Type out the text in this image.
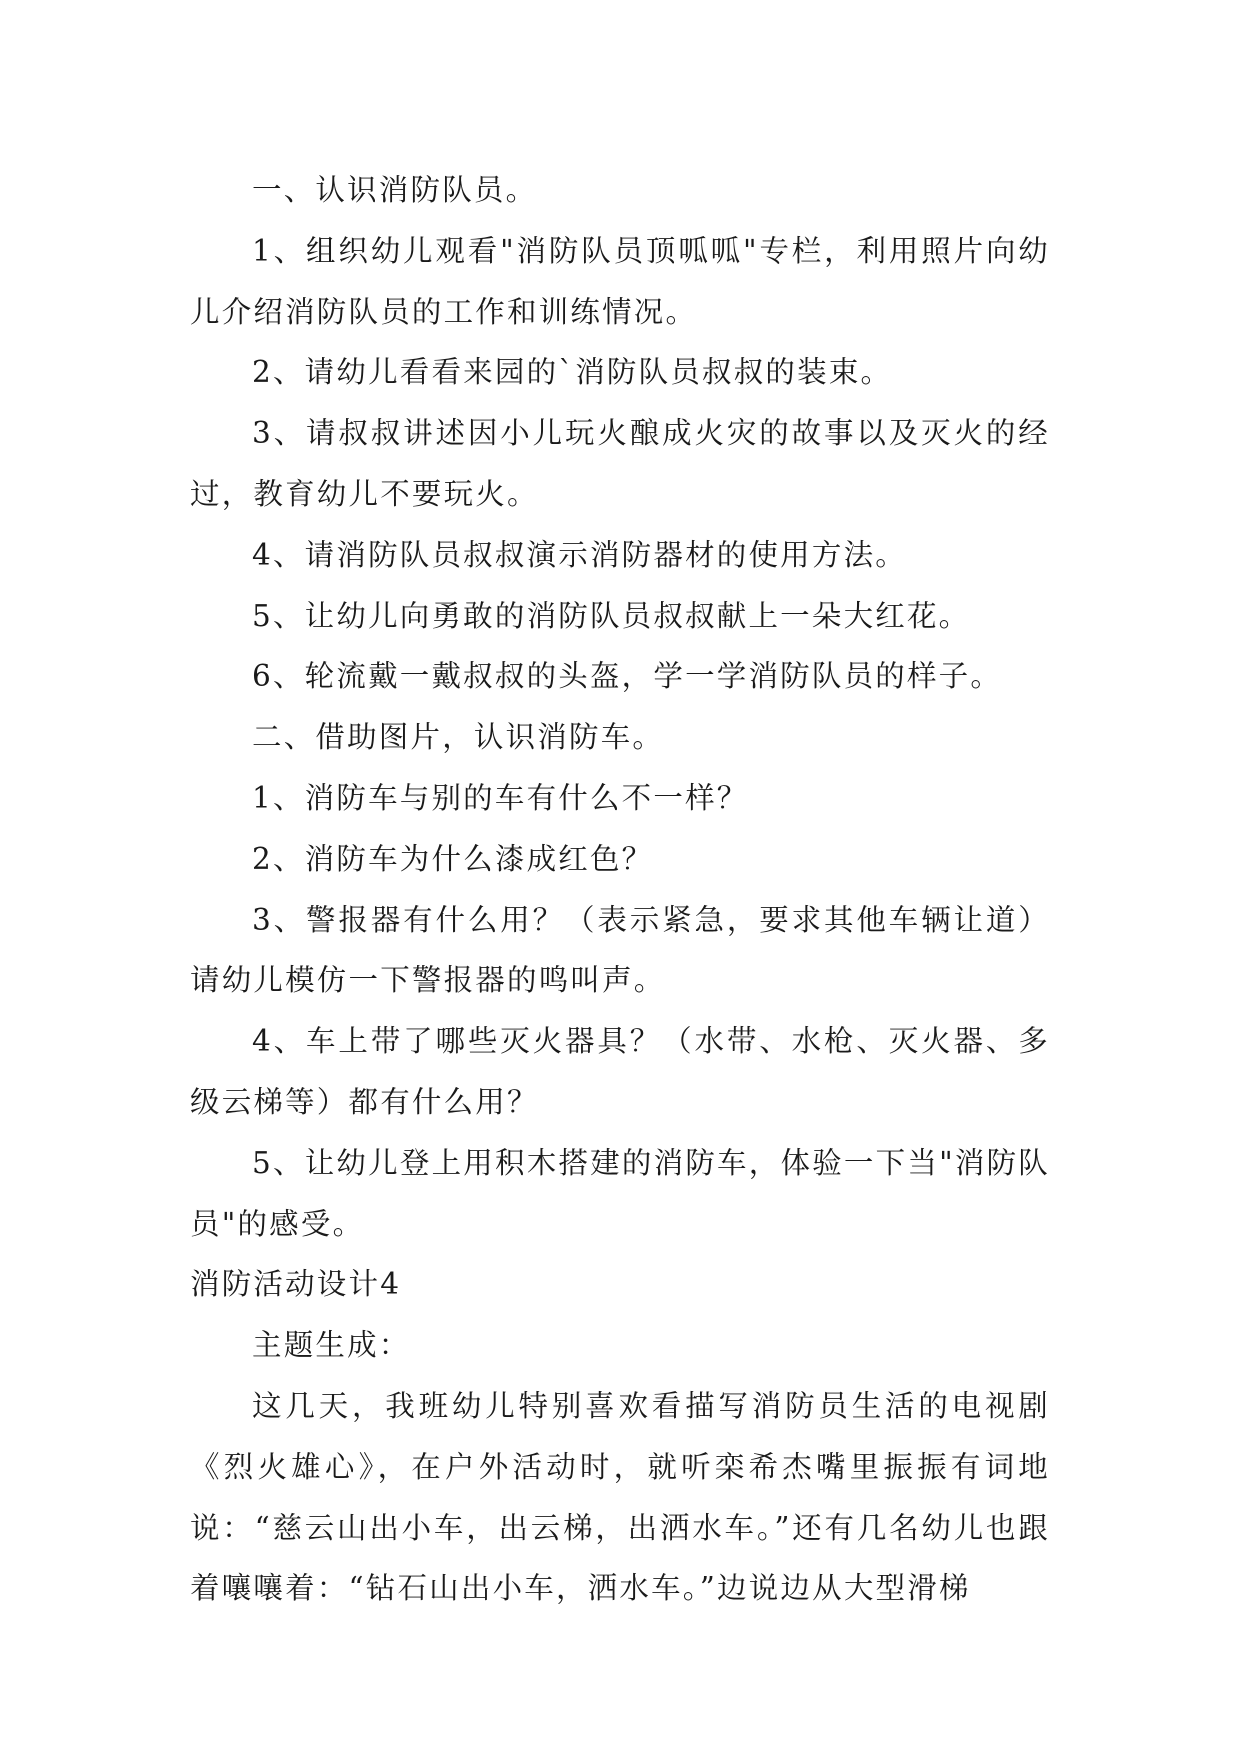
一、认识消防队员。

1、组织幼儿观看"消防队员顶呱呱"专栏，利用照片向幼儿介绍消防队员的工作和训练情况。

2、请幼儿看看来园的`消防队员叔叔的装束。

3、请叔叔讲述因小儿玩火酿成火灾的故事以及灭火的经过，教育幼儿不要玩火。

4、请消防队员叔叔演示消防器材的使用方法。

5、让幼儿向勇敢的消防队员叔叔献上一朵大红花。

6、轮流戴一戴叔叔的头盔，学一学消防队员的样子。

二、借助图片，认识消防车。

1、消防车与别的车有什么不一样？

2、消防车为什么漆成红色？

3、警报器有什么用？（表示紧急，要求其他车辆让道）请幼儿模仿一下警报器的鸣叫声。

4、车上带了哪些灭火器具？（水带、水枪、灭火器、多级云梯等）都有什么用？

5、让幼儿登上用积木搭建的消防车，体验一下当"消防队员"的感受。

消防活动设计4

主题生成：

这几天，我班幼儿特别喜欢看描写消防员生活的电视剧《烈火雄心》，在户外活动时，就听栾希杰嘴里振振有词地说：“慈云山出小车，出云梯，出洒水车。”还有几名幼儿也跟着嚷嚷着：“钻石山出小车，洒水车。”边说边从大型滑梯
